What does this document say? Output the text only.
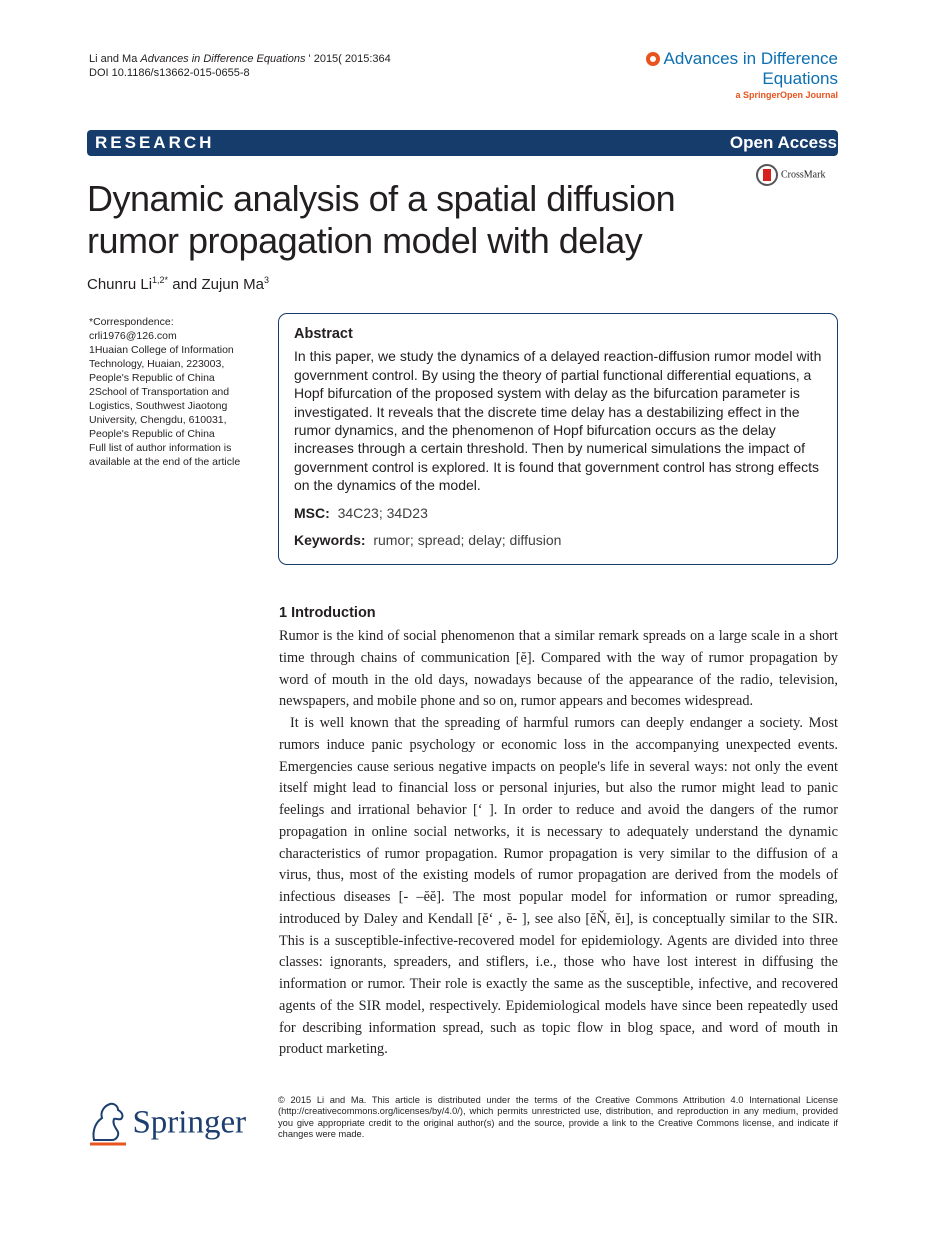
Li and Ma Advances in Difference Equations ' 2015( 2015:364
DOI 10.1186/s13662-015-0655-8
Advances in Difference Equations
a SpringerOpen Journal
RESEARCH	Open Access
CrossMark
Dynamic analysis of a spatial diffusion rumor propagation model with delay
Chunru $Li^{1,2*}$ and Zujun Ma$^3$

*Correspondence:

crli1976@126.com

1Huaian College of Information

Technology, Huaian, 223003,

People's Republic of China

2School of Transportation and

Logistics, Southwest Jiaotong

University, Chengdu, 610031,

People's Republic of China

Full list of author information is

available at the end of the article

Abstract
In this paper, we study the dynamics of a delayed reaction-diffusion rumor model with government control. By using the theory of partial functional differential equations, a Hopf bifurcation of the proposed system with delay as the bifurcation parameter is investigated. It reveals that the discrete time delay has a destabilizing effect in the rumor dynamics, and the phenomenon of Hopf bifurcation occurs as the delay increases through a certain threshold. Then by numerical simulations the impact of government control is explored. It is found that government control has strong effects on the dynamics of the model.
MSC: 34C23; 34D23
Keywords: rumor; spread; delay; diffusion
1 Introduction

Rumor is the kind of social phenomenon that a similar remark spreads on a large scale in a short time through chains of communication [ĕ]. Compared with the way of rumor propagation by word of mouth in the old days, nowadays because of the appearance of the radio, television, newspapers, and mobile phone and so on, rumor appears and becomes widespread.

It is well known that the spreading of harmful rumors can deeply endanger a society. Most rumors induce panic psychology or economic loss in the accompanying unexpected events. Emergencies cause serious negative impacts on people's life in several ways: not only the event itself might lead to financial loss or personal injuries, but also the rumor might lead to panic feelings and irrational behavior [ʻ ]. In order to reduce and avoid the dangers of the rumor propagation in online social networks, it is necessary to adequately understand the dynamic characteristics of rumor propagation. Rumor propagation is very similar to the diffusion of a virus, thus, most of the existing models of rumor propagation are derived from the models of infectious diseases [- –ĕĕ]. The most popular model for information or rumor spreading, introduced by Daley and Kendall [ĕʻ , ĕ- ], see also [ĕŇ, ĕı], is conceptually similar to the SIR. This is a susceptible-infective-recovered model for epidemiology. Agents are divided into three classes: ignorants, spreaders, and stiflers, i.e., those who have lost interest in diffusing the information or rumor. Their role is exactly the same as the susceptible, infective, and recovered agents of the SIR model, respectively. Epidemiological models have since been repeatedly used for describing information spread, such as topic flow in blog space, and word of mouth in product marketing.

Springer
© 2015 Li and Ma. This article is distributed under the terms of the Creative Commons Attribution 4.0 International License (http://creativecommons.org/licenses/by/4.0/), which permits unrestricted use, distribution, and reproduction in any medium, provided you give appropriate credit to the original author(s) and the source, provide a link to the Creative Commons license, and indicate if changes were made.
